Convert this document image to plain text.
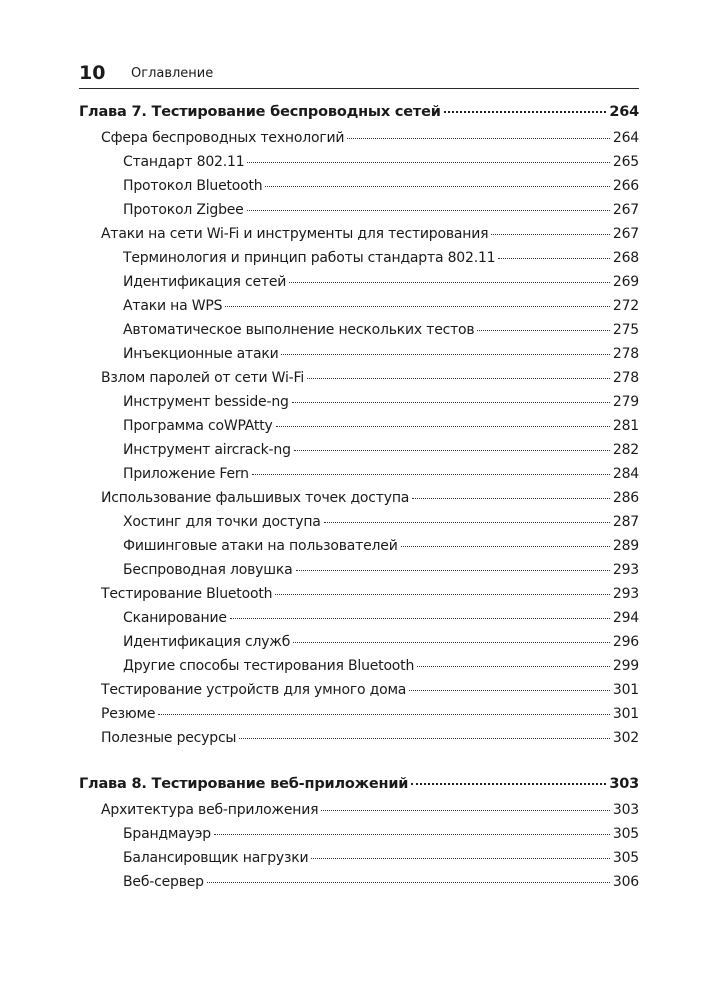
10 Оглавление
Глава 7. Тестирование беспроводных сетей	264
Сфера беспроводных технологий	264
Стандарт 802.11	265
Протокол Bluetooth	266
Протокол Zigbee	267
Атаки на сети Wi-Fi и инструменты для тестирования	267
Терминология и принцип работы стандарта 802.11	268
Идентификация сетей	269
Атаки на WPS	272
Автоматическое выполнение нескольких тестов	275
Инъекционные атаки	278
Взлом паролей от сети Wi-Fi	278
Инструмент besside-ng	279
Программа coWPAtty	281
Инструмент aircrack-ng	282
Приложение Fern	284
Использование фальшивых точек доступа	286
Хостинг для точки доступа	287
Фишинговые атаки на пользователей	289
Беспроводная ловушка	293
Тестирование Bluetooth	293
Сканирование	294
Идентификация служб	296
Другие способы тестирования Bluetooth	299
Тестирование устройств для умного дома	301
Резюме	301
Полезные ресурсы	302
Глава 8. Тестирование веб-приложений	303
Архитектура веб-приложения	303
Брандмауэр	305
Балансировщик нагрузки	305
Веб-сервер	306
